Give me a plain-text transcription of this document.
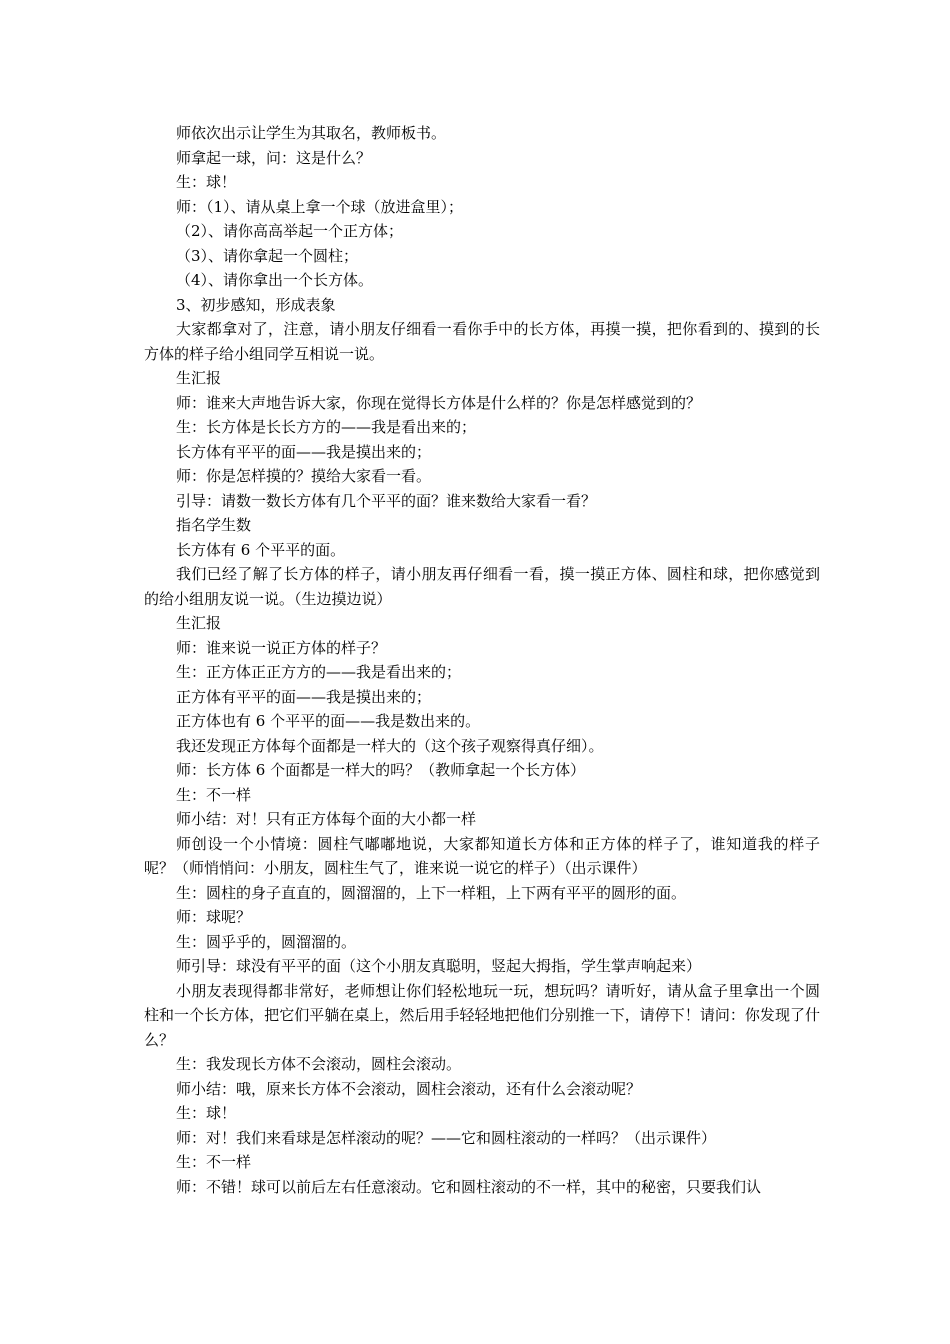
师依次出示让学生为其取名，教师板书。

师拿起一球，问：这是什么？

生：球！

师：（1）、请从桌上拿一个球（放进盒里）；

（2）、请你高高举起一个正方体；

（3）、请你拿起一个圆柱；

（4）、请你拿出一个长方体。

3、初步感知，形成表象

大家都拿对了，注意，请小朋友仔细看一看你手中的长方体，再摸一摸，把你看到的、摸到的长方体的样子给小组同学互相说一说。

生汇报

师：谁来大声地告诉大家，你现在觉得长方体是什么样的？你是怎样感觉到的？

生：长方体是长长方方的——我是看出来的；

长方体有平平的面——我是摸出来的；

师：你是怎样摸的？摸给大家看一看。

引导：请数一数长方体有几个平平的面？谁来数给大家看一看？

指名学生数

长方体有 6 个平平的面。

我们已经了解了长方体的样子，请小朋友再仔细看一看，摸一摸正方体、圆柱和球，把你感觉到的给小组朋友说一说。（生边摸边说）

生汇报

师：谁来说一说正方体的样子？

生：正方体正正方方的——我是看出来的；

正方体有平平的面——我是摸出来的；

正方体也有 6 个平平的面——我是数出来的。

我还发现正方体每个面都是一样大的（这个孩子观察得真仔细）。

师：长方体 6 个面都是一样大的吗？（教师拿起一个长方体）

生：不一样

师小结：对！只有正方体每个面的大小都一样

师创设一个小情境：圆柱气嘟嘟地说，大家都知道长方体和正方体的样子了，谁知道我的样子呢？（师悄悄问：小朋友，圆柱生气了，谁来说一说它的样子）（出示课件）

生：圆柱的身子直直的，圆溜溜的，上下一样粗，上下两有平平的圆形的面。

师：球呢？

生：圆乎乎的，圆溜溜的。

师引导：球没有平平的面（这个小朋友真聪明，竖起大拇指，学生掌声响起来）

小朋友表现得都非常好，老师想让你们轻松地玩一玩，想玩吗？请听好，请从盒子里拿出一个圆柱和一个长方体，把它们平躺在桌上，然后用手轻轻地把他们分别推一下，请停下！请问：你发现了什么？

生：我发现长方体不会滚动，圆柱会滚动。

师小结：哦，原来长方体不会滚动，圆柱会滚动，还有什么会滚动呢？

生：球！

师：对！我们来看球是怎样滚动的呢？——它和圆柱滚动的一样吗？（出示课件）

生：不一样

师：不错！球可以前后左右任意滚动。它和圆柱滚动的不一样，其中的秘密，只要我们认
